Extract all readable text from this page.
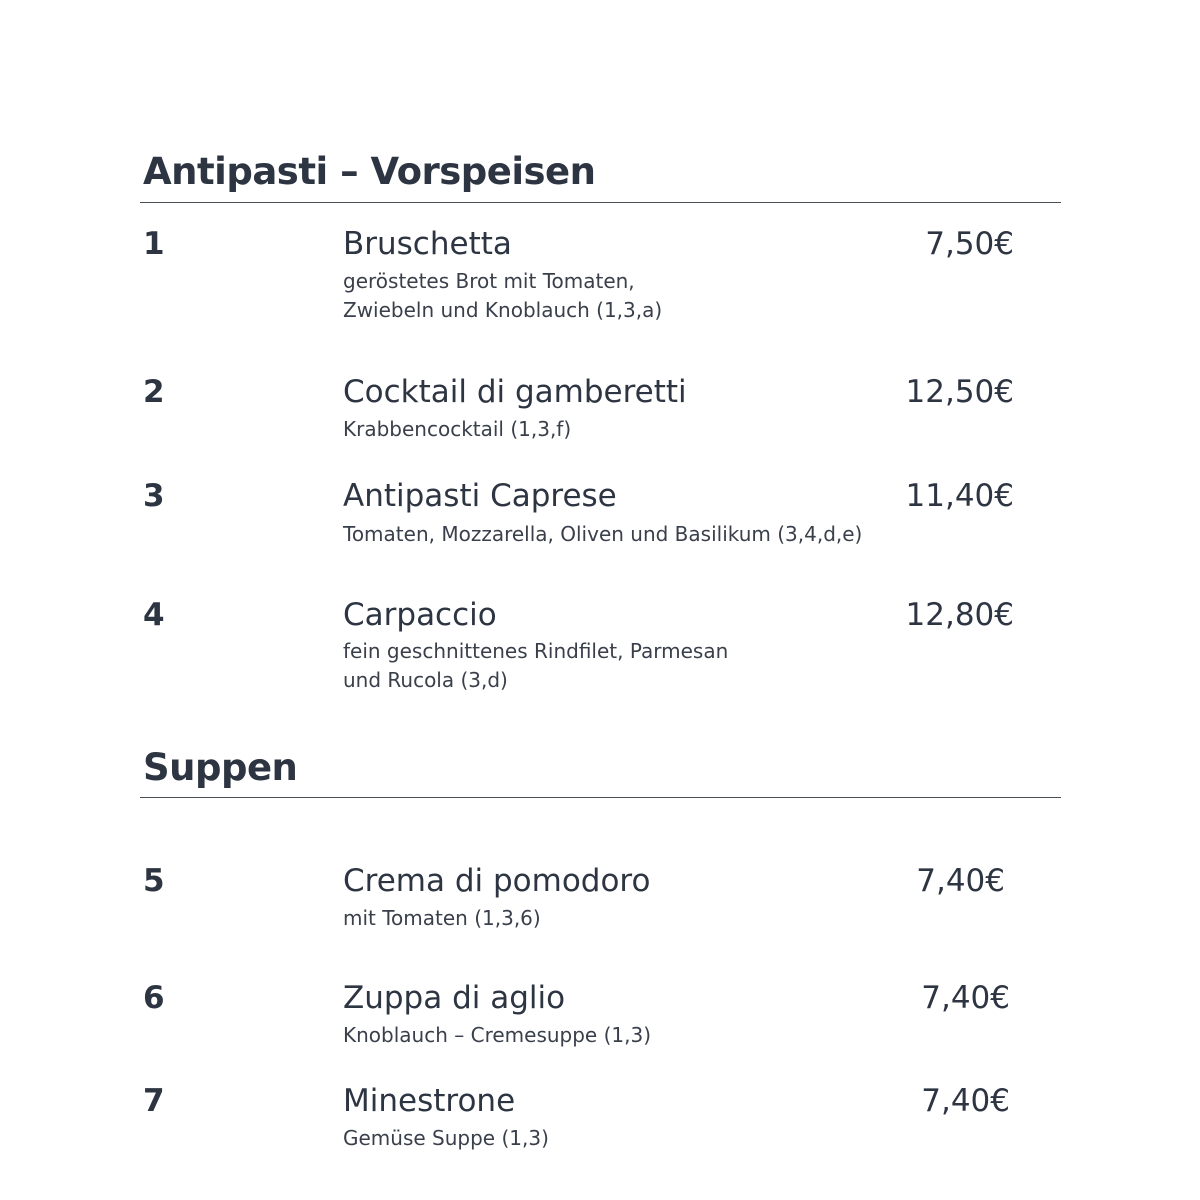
Antipasti – Vorspeisen
1	Bruschetta
geröstetes Brot mit Tomaten,
Zwiebeln und Knoblauch (1,3,a)
7,50€
2	Cocktail di gamberetti
Krabbencocktail (1,3,f)
12,50€
3	Antipasti Caprese
Tomaten, Mozzarella, Oliven und Basilikum (3,4,d,e)
11,40€
4	Carpaccio
fein geschnittenes Rindfilet, Parmesan
und Rucola (3,d)
12,80€
Suppen
5	Crema di pomodoro
mit Tomaten (1,3,6)
7,40€
6	Zuppa di aglio
Knoblauch – Cremesuppe (1,3)
7,40€
7	Minestrone
Gemüse Suppe (1,3)
7,40€
